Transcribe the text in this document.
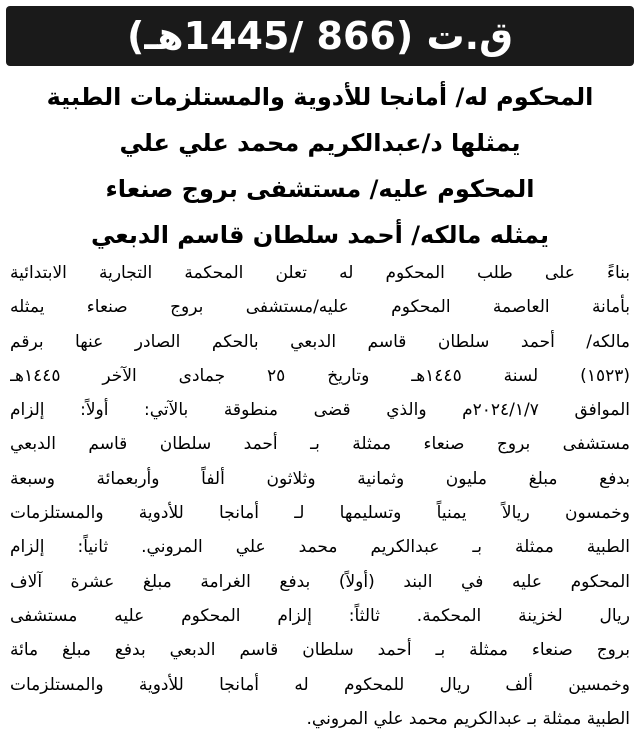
ق.ت (866 /1445هـ)
المحكوم له/ أمانجا للأدوية والمستلزمات الطبية
يمثلها د/عبدالكريم محمد علي علي
المحكوم عليه/ مستشفى بروج صنعاء
يمثله مالكه/ أحمد سلطان قاسم الدبعي
بناءً على طلب المحكوم له تعلن المحكمة التجارية الابتدائية
بأمانة العاصمة المحكوم عليه/مستشفى بروج صنعاء يمثله
مالكه/ أحمد سلطان قاسم الدبعي بالحكم الصادر عنها برقم
(١٥٢٣) لسنة ١٤٤٥هـ وتاريخ ٢٥ جمادى الآخر ١٤٤٥هـ
الموافق ٢٠٢٤/١/٧م والذي قضى منطوقة بالآتي: أولاً: إلزام
مستشفى بروج صنعاء ممثلة بـ أحمد سلطان قاسم الدبعي
بدفع مبلغ مليون وثمانية وثلاثون ألفاً وأربعمائة وسبعة
وخمسون ريالاً يمنياً وتسليمها لـ أمانجا للأدوية والمستلزمات
الطبية ممثلة بـ عبدالكريم محمد علي المروني. ثانياً: إلزام
المحكوم عليه في البند (أولاً) بدفع الغرامة مبلغ عشرة آلاف
ريال لخزينة المحكمة. ثالثاً: إلزام المحكوم عليه مستشفى
بروج صنعاء ممثلة بـ أحمد سلطان قاسم الدبعي بدفع مبلغ مائة
وخمسين ألف ريال للمحكوم له أمانجا للأدوية والمستلزمات
الطبية ممثلة بـ عبدالكريم محمد علي المروني.
